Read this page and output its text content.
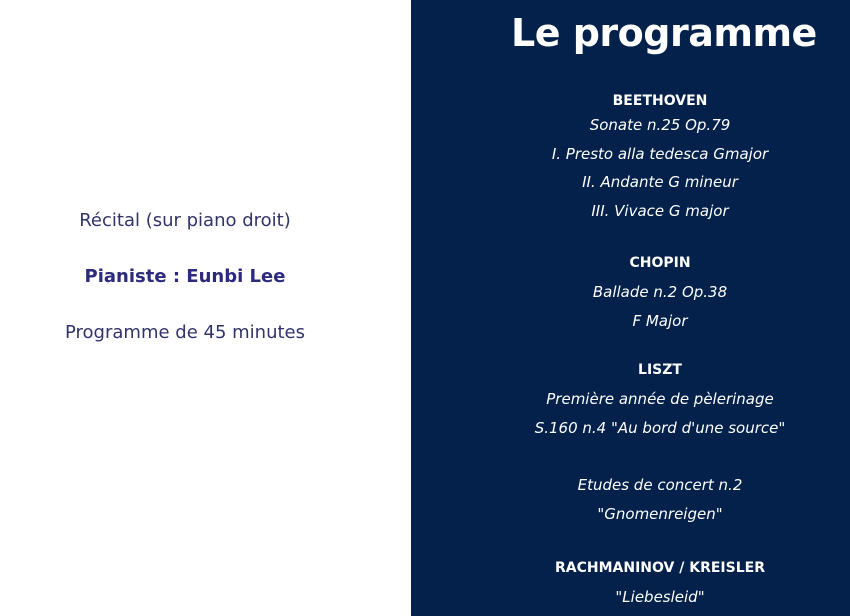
Récital (sur piano droit)
Pianiste : Eunbi Lee
Programme de 45 minutes
Le programme
BEETHOVEN
Sonate n.25 Op.79
I. Presto alla tedesca Gmajor
II. Andante G mineur
III. Vivace G major
CHOPIN
Ballade n.2 Op.38
F Major
LISZT
Première année de pèlerinage
S.160 n.4 "Au bord d'une source"
Etudes de concert n.2
"Gnomenreigen"
RACHMANINOV / KREISLER
"Liebesleid"
